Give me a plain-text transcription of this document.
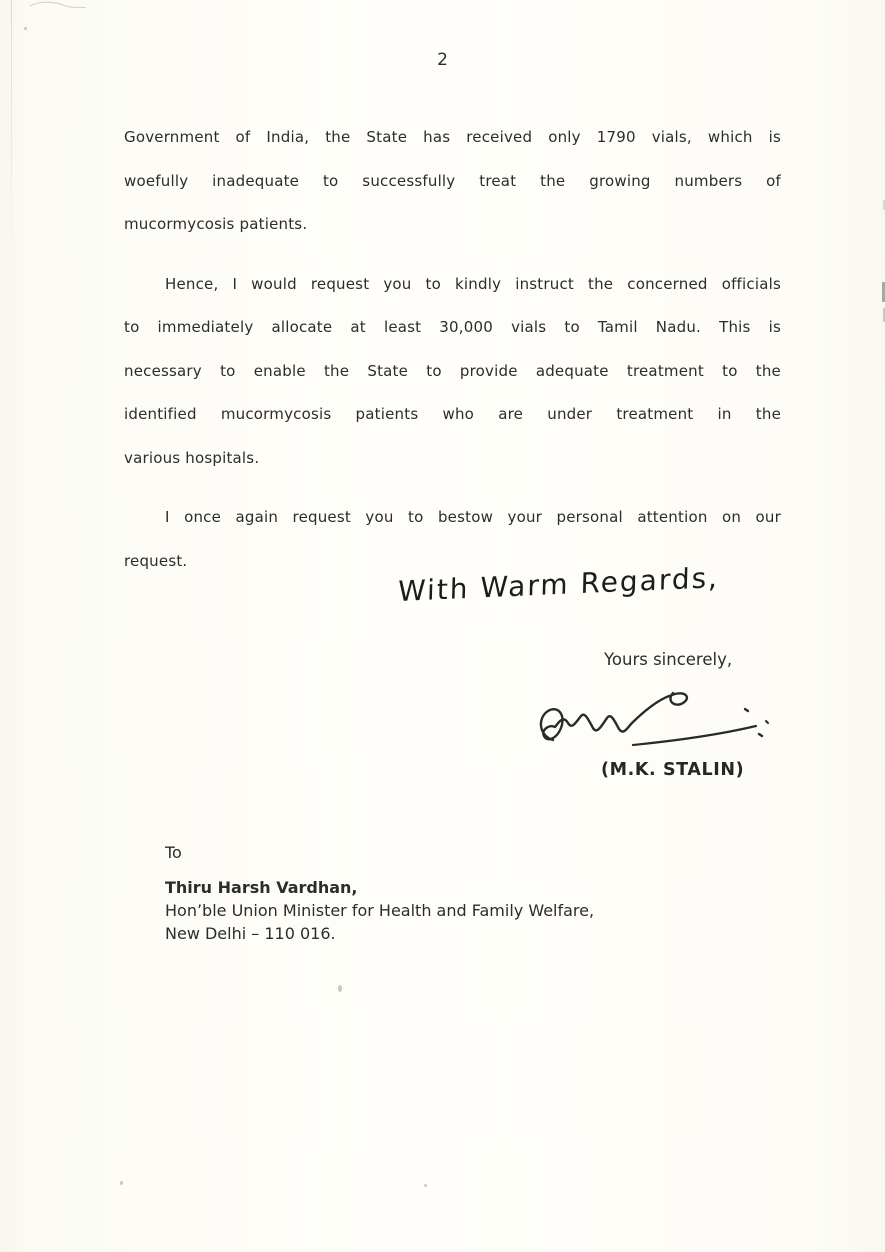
2
Government of India, the State has received only 1790 vials, which is
woefully inadequate to successfully treat the growing numbers of
mucormycosis patients.
Hence, I would request you to kindly instruct the concerned officials
to immediately allocate at least 30,000 vials to Tamil Nadu. This is
necessary to enable the State to provide adequate treatment to the
identified mucormycosis patients who are under treatment in the
various hospitals.
I once again request you to bestow your personal attention on our
request.
With Warm Regards,
Yours sincerely,
(M.K. STALIN)
To
Thiru Harsh Vardhan,
Hon’ble Union Minister for Health and Family Welfare,
New Delhi – 110 016.
